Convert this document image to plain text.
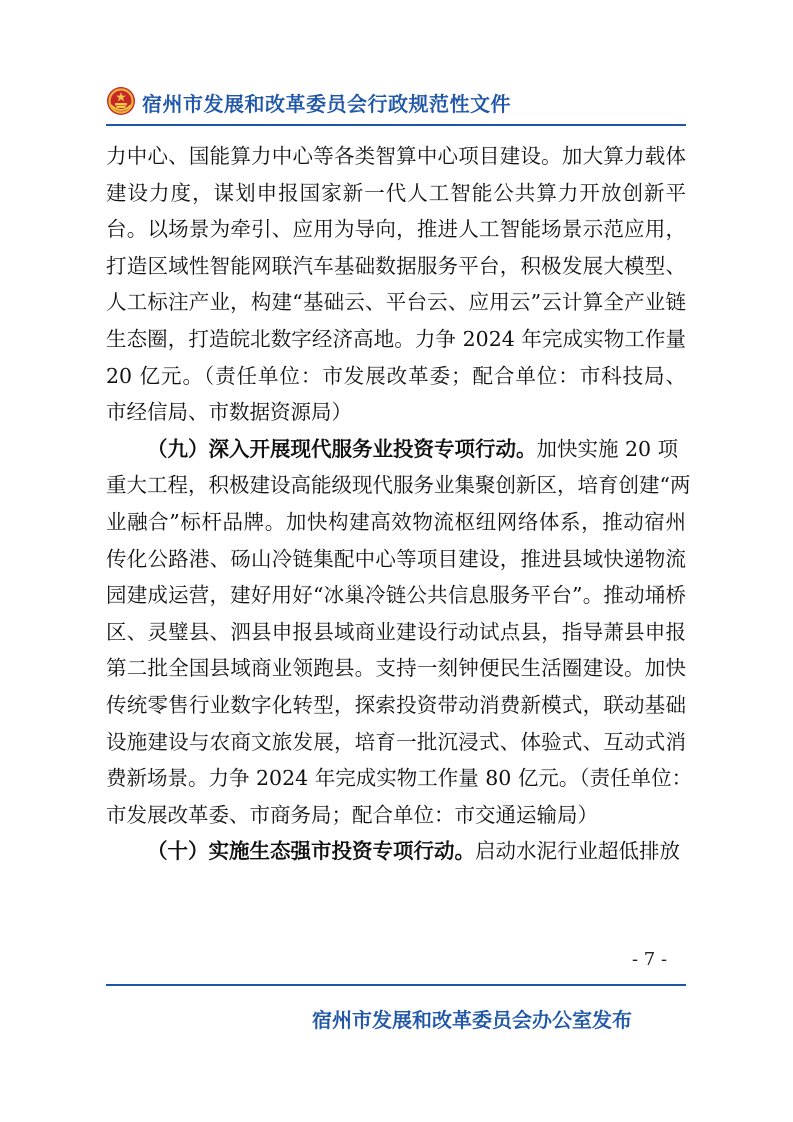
宿州市发展和改革委员会行政规范性文件
力中心、国能算力中心等各类智算中心项目建设。加大算力载体
建设力度，谋划申报国家新一代人工智能公共算力开放创新平
台。以场景为牵引、应用为导向，推进人工智能场景示范应用，
打造区域性智能网联汽车基础数据服务平台，积极发展大模型、
人工标注产业，构建“基础云、平台云、应用云”云计算全产业链
生态圈，打造皖北数字经济高地。力争 2024 年完成实物工作量
20 亿元。（责任单位：市发展改革委；配合单位：市科技局、
市经信局、市数据资源局）
（九）深入开展现代服务业投资专项行动。加快实施 20 项
重大工程，积极建设高能级现代服务业集聚创新区，培育创建“两
业融合”标杆品牌。加快构建高效物流枢纽网络体系，推动宿州
传化公路港、砀山冷链集配中心等项目建设，推进县域快递物流
园建成运营，建好用好“冰巢冷链公共信息服务平台”。推动埇桥
区、灵璧县、泗县申报县域商业建设行动试点县，指导萧县申报
第二批全国县域商业领跑县。支持一刻钟便民生活圈建设。加快
传统零售行业数字化转型，探索投资带动消费新模式，联动基础
设施建设与农商文旅发展，培育一批沉浸式、体验式、互动式消
费新场景。力争 2024 年完成实物工作量 80 亿元。（责任单位：
市发展改革委、市商务局；配合单位：市交通运输局）
（十）实施生态强市投资专项行动。启动水泥行业超低排放
- 7 -
宿州市发展和改革委员会办公室发布
